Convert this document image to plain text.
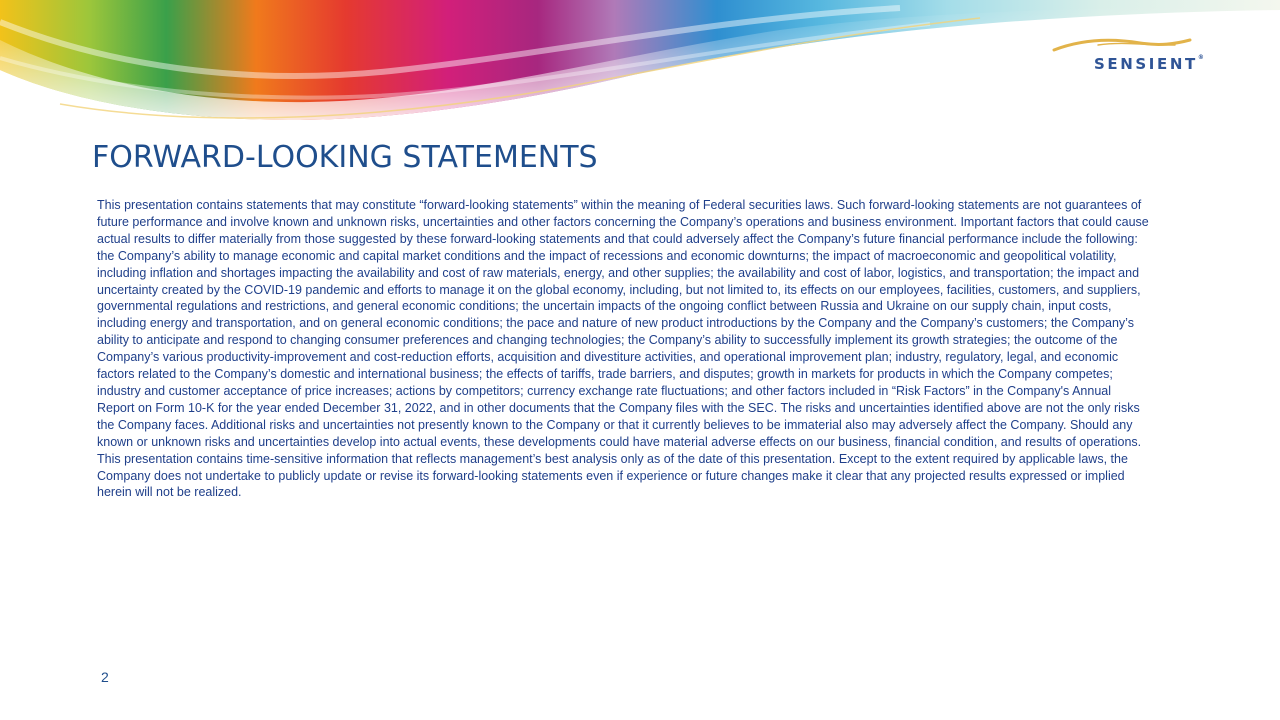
SENSIENT®
FORWARD-LOOKING STATEMENTS

This presentation contains statements that may constitute “forward-looking statements” within the meaning of Federal securities laws. Such forward-looking statements are not guarantees of future performance and involve known and unknown risks, uncertainties and other factors concerning the Company’s operations and business environment. Important factors that could cause actual results to differ materially from those suggested by these forward-looking statements and that could adversely affect the Company’s future financial performance include the following: the Company’s ability to manage economic and capital market conditions and the impact of recessions and economic downturns; the impact of macroeconomic and geopolitical volatility, including inflation and shortages impacting the availability and cost of raw materials, energy, and other supplies; the availability and cost of labor, logistics, and transportation; the impact and uncertainty created by the COVID-19 pandemic and efforts to manage it on the global economy, including, but not limited to, its effects on our employees, facilities, customers, and suppliers, governmental regulations and restrictions, and general economic conditions; the uncertain impacts of the ongoing conflict between Russia and Ukraine on our supply chain, input costs, including energy and transportation, and on general economic conditions; the pace and nature of new product introductions by the Company and the Company’s customers; the Company’s ability to anticipate and respond to changing consumer preferences and changing technologies; the Company’s ability to successfully implement its growth strategies; the outcome of the Company’s various productivity-improvement and cost-reduction efforts, acquisition and divestiture activities, and operational improvement plan; industry, regulatory, legal, and economic factors related to the Company’s domestic and international business; the effects of tariffs, trade barriers, and disputes; growth in markets for products in which the Company competes; industry and customer acceptance of price increases; actions by competitors; currency exchange rate fluctuations; and other factors included in “Risk Factors” in the Company's Annual Report on Form 10-K for the year ended December 31, 2022, and in other documents that the Company files with the SEC. The risks and uncertainties identified above are not the only risks the Company faces. Additional risks and uncertainties not presently known to the Company or that it currently believes to be immaterial also may adversely affect the Company. Should any known or unknown risks and uncertainties develop into actual events, these developments could have material adverse effects on our business, financial condition, and results of operations.

This presentation contains time-sensitive information that reflects management’s best analysis only as of the date of this presentation. Except to the extent required by applicable laws, the Company does not undertake to publicly update or revise its forward-looking statements even if experience or future changes make it clear that any projected results expressed or implied herein will not be realized.

2
